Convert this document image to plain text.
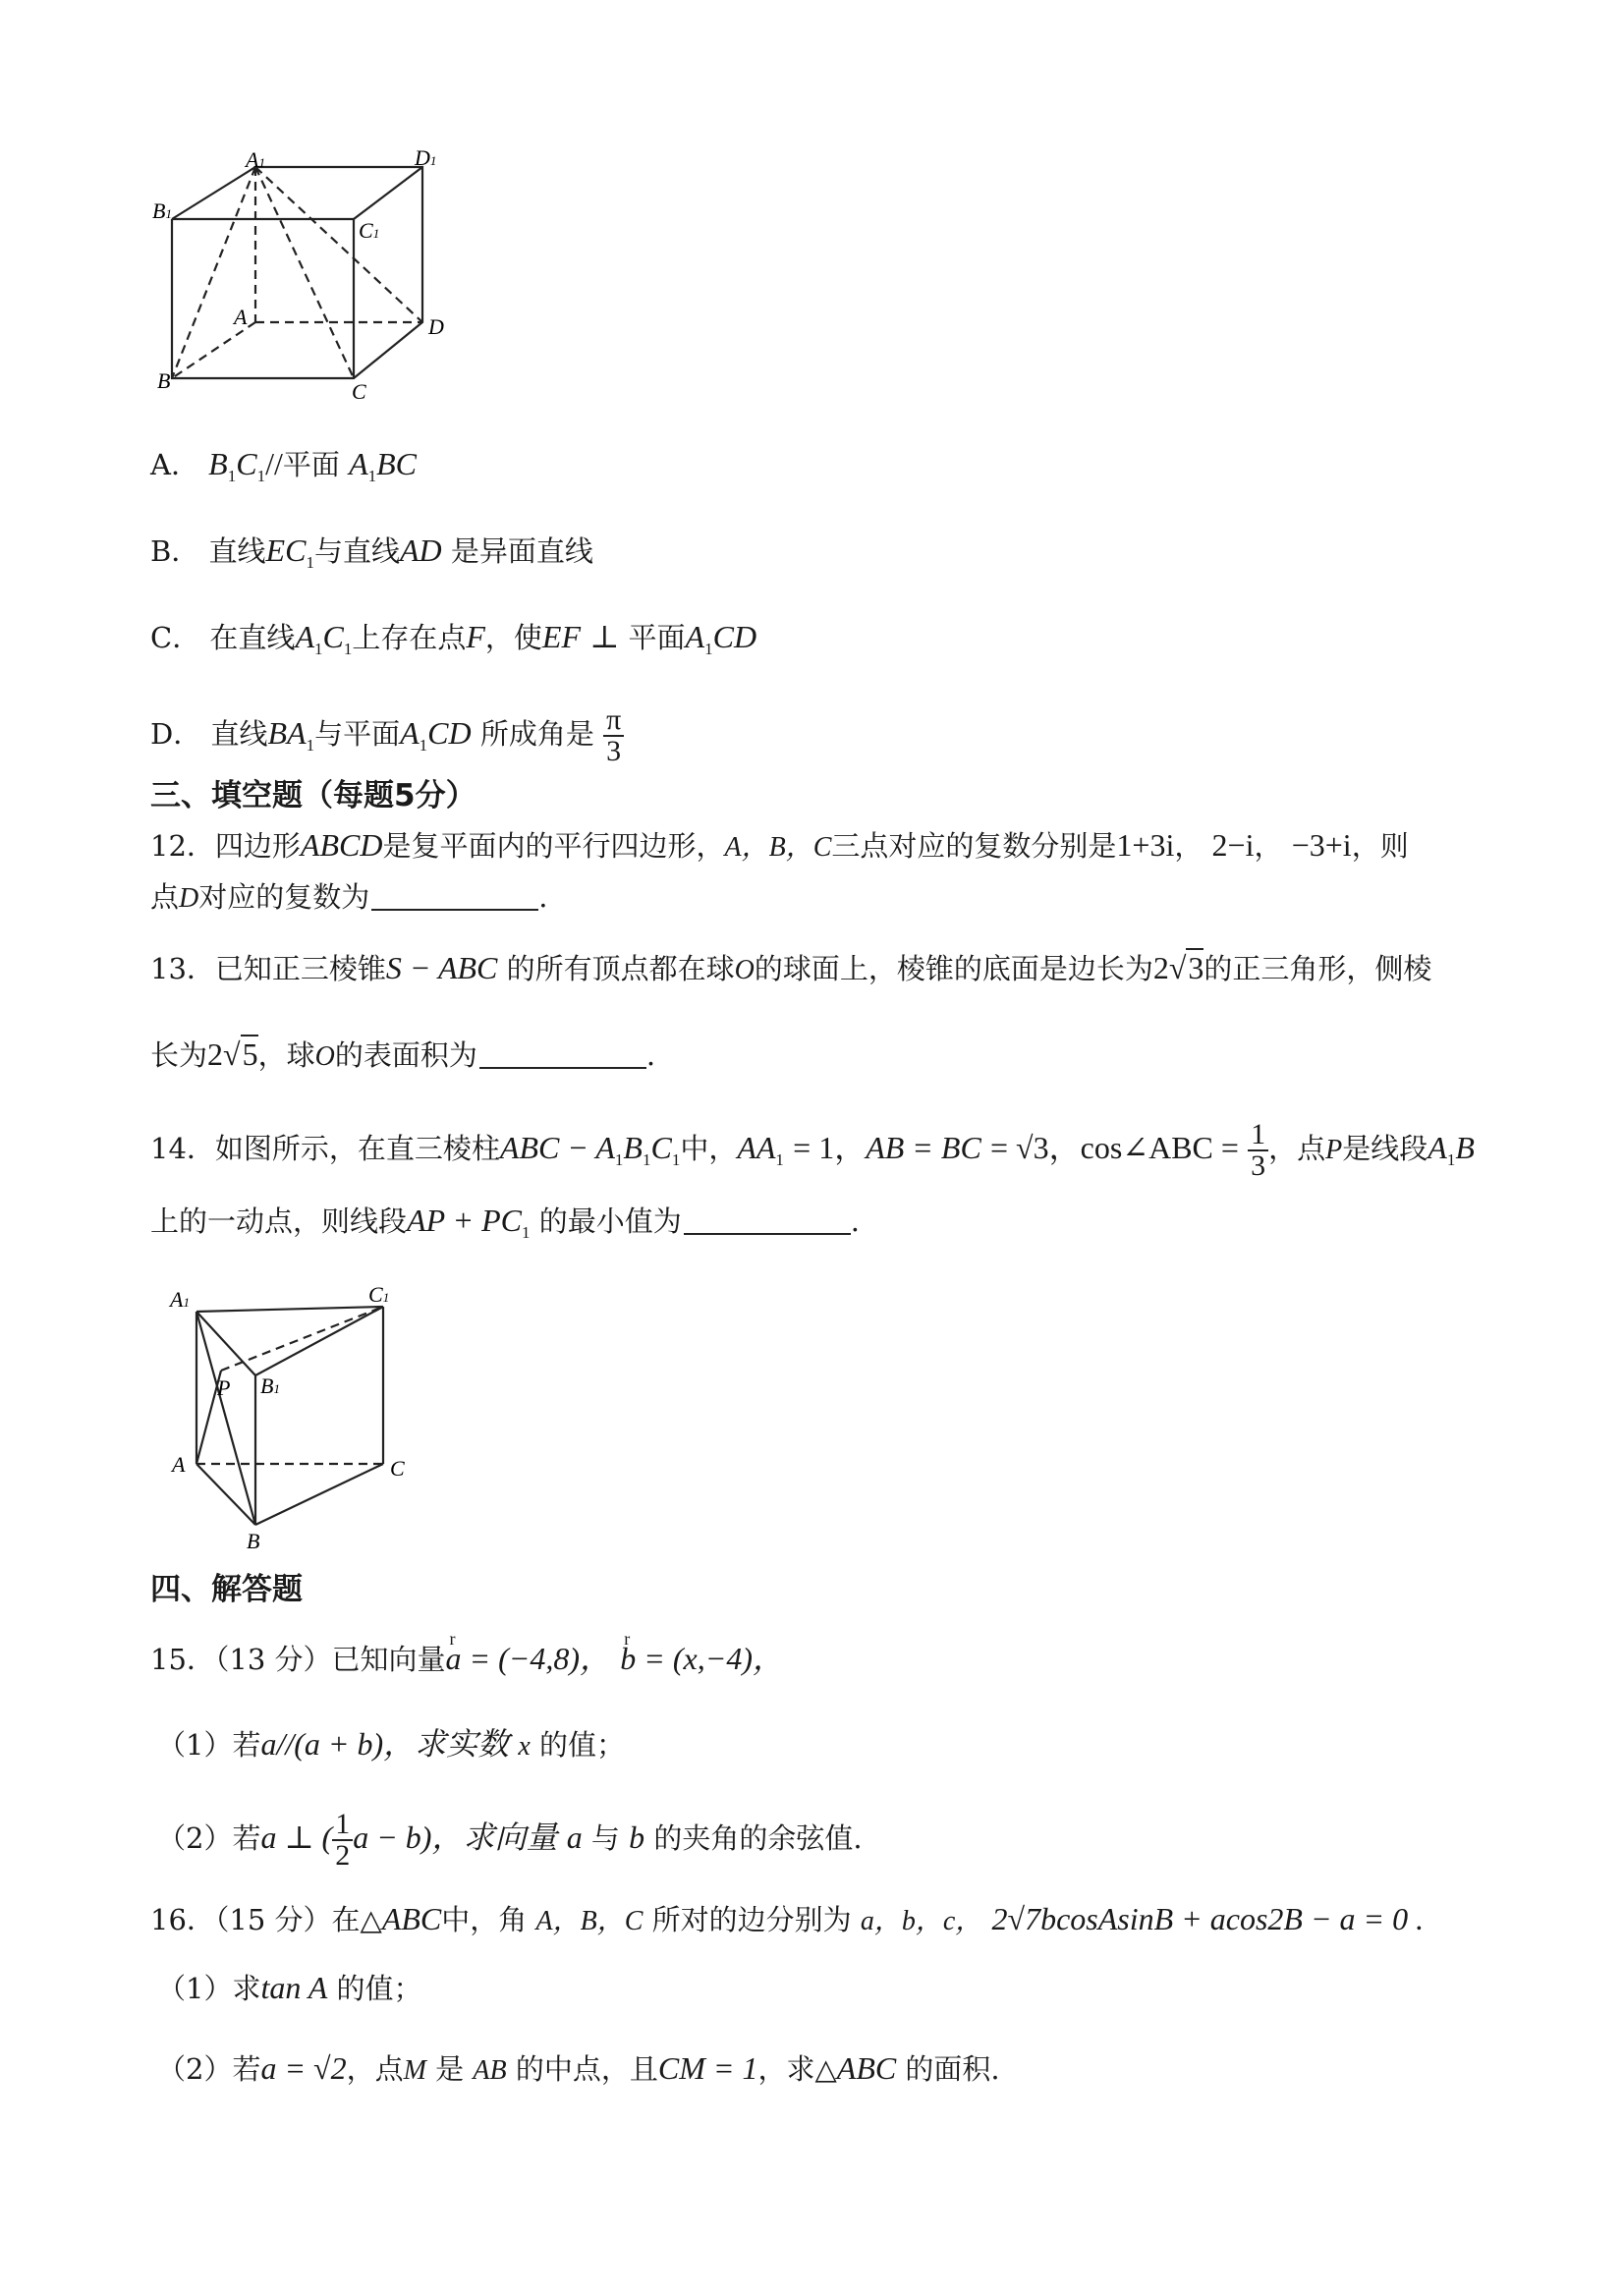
A1	D1
B1
C1
A	D
B	C
A． $B_1C_1//$平面 $A_1BC$
B． 直线$EC_1$与直线AD 是异面直线
C． 在直线$A_1C_1$上存在点F，使EF ⊥ 平面$A_1CD$
D． 直线$BA_1$与平面$A_1CD$ 所成角是 $\frac{\pi}{3}$
三、填空题（每题5分）
12．四边形ABCD是复平面内的平行四边形，A，B，C三点对应的复数分别是1+3i， 2−i， −3+i，则
点D对应的复数为	.
13．已知正三棱锥S − ABC 的所有顶点都在球O的球面上，棱锥的底面是边长为2√3的正三角形，侧棱
长为2√5，球O的表面积为	.
14．如图所示，在直三棱柱ABC − $A_1B_1C_1$中，$AA_1 = 1$，AB = BC = √3，cos∠ABC = $\frac{1}{3}$ ，点P是线段$A_1B$
上的一动点，则线段AP + $PC_1$ 的最小值为	.
A1	C1
P B1
A	C
B
四、解答题
15．（13 分）已知向量r a = (−4,8)， r b = (x,−4)，
（1）若a//(a + b)，求实数 x 的值；
（2）若a ⊥ ( $\frac{1}{2}$ a − b)，求向量 a 与 b 的夹角的余弦值.
16．（15 分）在△ABC中，角 A，B，C 所对的边分别为 a，b，c， 2√7bcosAsinB + acos2B − a = 0 .
（1）求tan A 的值；
（2）若a = √2，点M 是 AB 的中点，且CM = 1，求△ABC 的面积.
